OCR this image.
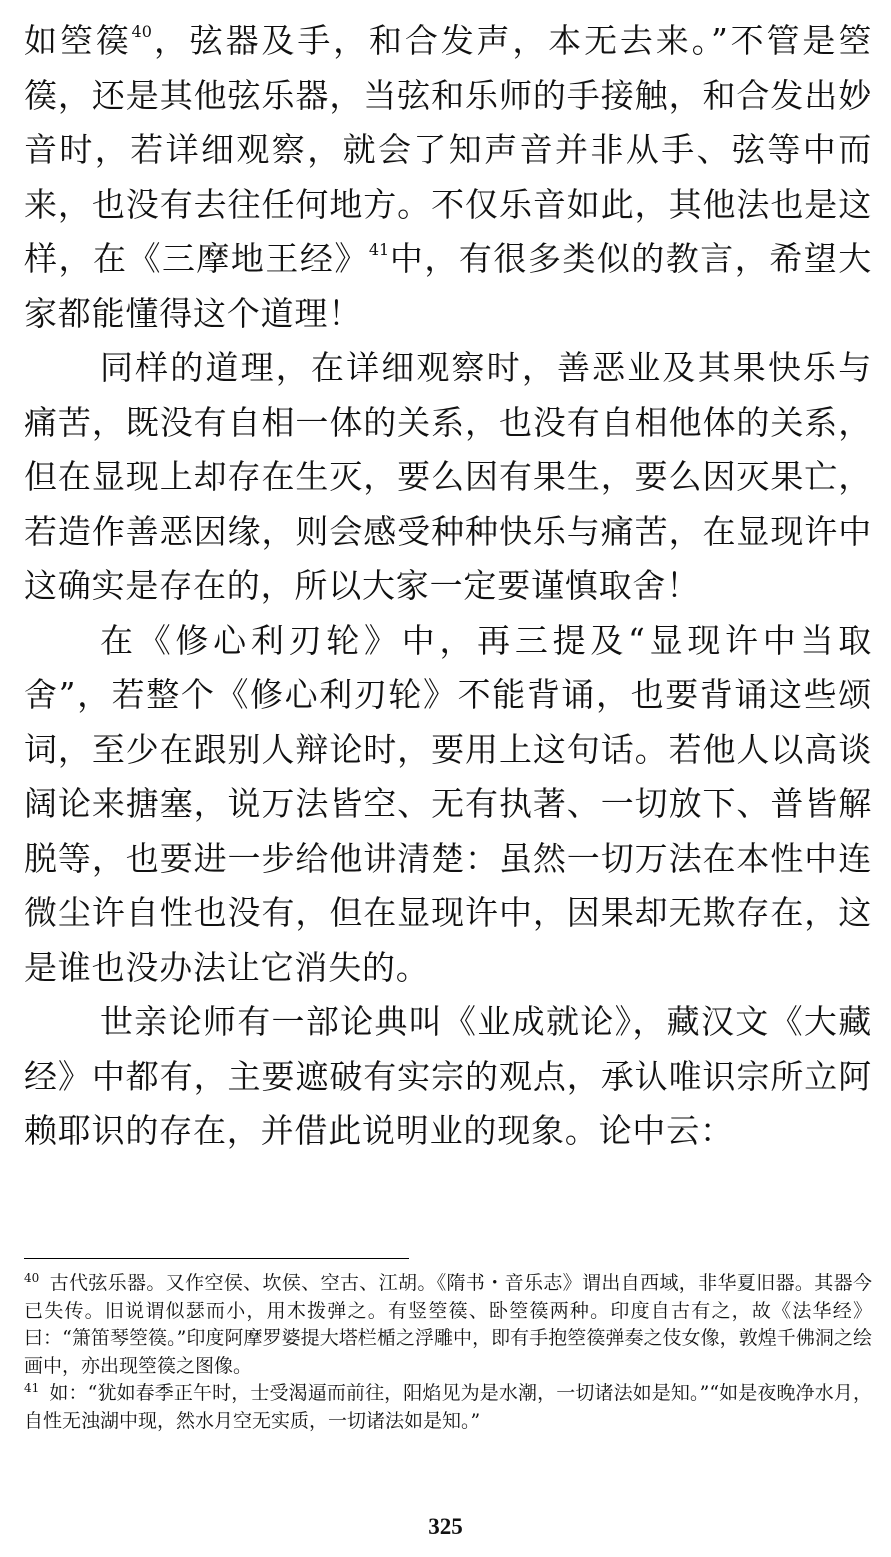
如箜篌$^{40}$，弦器及手，和合发声，本无去来。”不管是箜篌，还是其他弦乐器，当弦和乐师的手接触，和合发出妙音时，若详细观察，就会了知声音并非从手、弦等中而来，也没有去往任何地方。不仅乐音如此，其他法也是这样，在《三摩地王经》$^{41}$中，有很多类似的教言，希望大家都能懂得这个道理！

同样的道理，在详细观察时，善恶业及其果快乐与痛苦，既没有自相一体的关系，也没有自相他体的关系，但在显现上却存在生灭，要么因有果生，要么因灭果亡，若造作善恶因缘，则会感受种种快乐与痛苦，在显现许中这确实是存在的，所以大家一定要谨慎取舍！

在《修心利刃轮》中，再三提及“显现许中当取舍”，若整个《修心利刃轮》不能背诵，也要背诵这些颂词，至少在跟别人辩论时，要用上这句话。若他人以高谈阔论来搪塞，说万法皆空、无有执著、一切放下、普皆解脱等，也要进一步给他讲清楚：虽然一切万法在本性中连微尘许自性也没有，但在显现许中，因果却无欺存在，这是谁也没办法让它消失的。

世亲论师有一部论典叫《业成就论》，藏汉文《大藏经》中都有，主要遮破有实宗的观点，承认唯识宗所立阿赖耶识的存在，并借此说明业的现象。论中云：

$^{40}$ 古代弦乐器。又作空侯、坎侯、空古、江胡。《隋书・音乐志》谓出自西域，非华夏旧器。其器今已失传。旧说谓似瑟而小，用木拨弹之。有竖箜篌、卧箜篌两种。印度自古有之，故《法华经》曰：“箫笛琴箜篌。”印度阿摩罗婆提大塔栏楯之浮雕中，即有手抱箜篌弹奏之伎女像，敦煌千佛洞之绘画中，亦出现箜篌之图像。

$^{41}$ 如：“犹如春季正午时，士受渴逼而前往，阳焰见为是水潮，一切诸法如是知。”“如是夜晚净水月，自性无浊湖中现，然水月空无实质，一切诸法如是知。”

325
